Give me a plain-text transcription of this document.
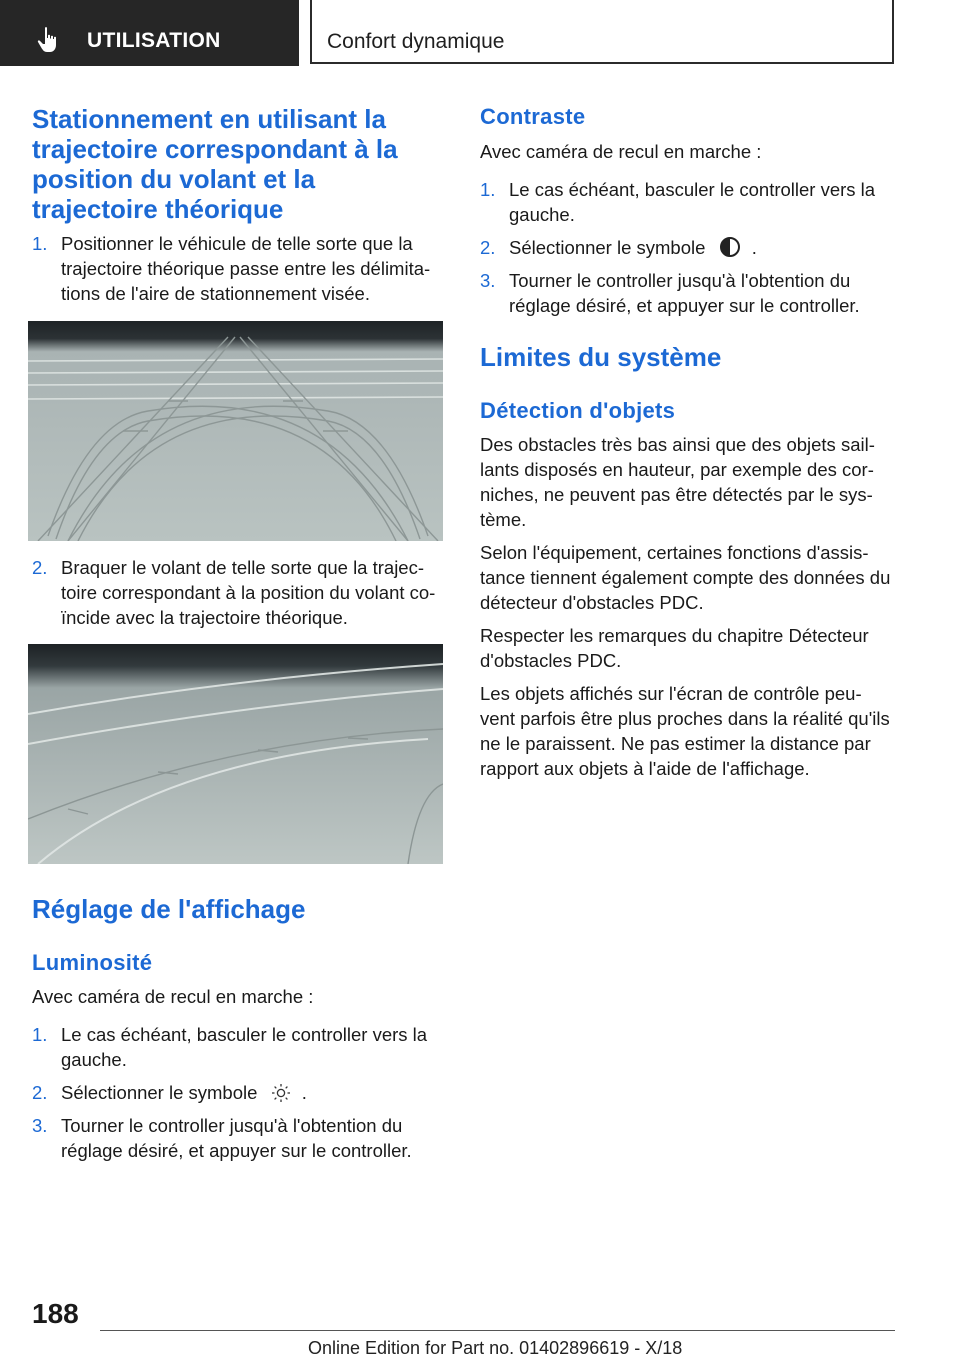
UTILISATION	Confort dynamique
Stationnement en utilisant la trajectoire correspondant à la position du volant et la trajectoire théorique
1. Positionner le véhicule de telle sorte que la trajectoire théorique passe entre les délimita-tions de l'aire de stationnement visée.
2. Braquer le volant de telle sorte que la trajec-toire correspondant à la position du volant co-ïncide avec la trajectoire théorique.
Réglage de l'affichage
Luminosité

Avec caméra de recul en marche :

1. Le cas échéant, basculer le controller vers la gauche.
2. Sélectionner le symbole .
3. Tourner le controller jusqu'à l'obtention du réglage désiré, et appuyer sur le controller.
Contraste

Avec caméra de recul en marche :

1. Le cas échéant, basculer le controller vers la gauche.
2. Sélectionner le symbole	.
3. Tourner le controller jusqu'à l'obtention du réglage désiré, et appuyer sur le controller.
Limites du système
Détection d'objets

Des obstacles très bas ainsi que des objets sail-lants disposés en hauteur, par exemple des cor-niches, ne peuvent pas être détectés par le sys-tème.

Selon l'équipement, certaines fonctions d'assis-tance tiennent également compte des données du détecteur d'obstacles PDC.

Respecter les remarques du chapitre Détecteur d'obstacles PDC.

Les objets affichés sur l'écran de contrôle peu-vent parfois être plus proches dans la réalité qu'ils ne le paraissent. Ne pas estimer la distance par rapport aux objets à l'aide de l'affichage.

188
Online Edition for Part no. 01402896619 - X/18
